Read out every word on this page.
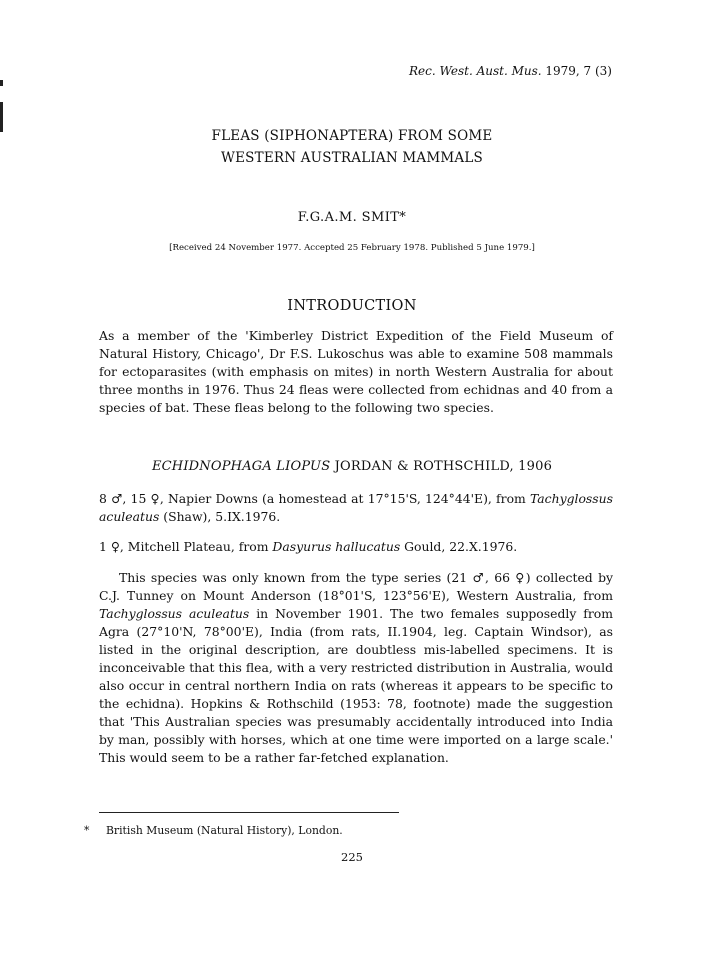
Rec. West. Aust. Mus. 1979, 7 (3)
FLEAS (SIPHONAPTERA) FROM SOME
WESTERN AUSTRALIAN MAMMALS
F.G.A.M. SMIT*
[Received 24 November 1977. Accepted 25 February 1978. Published 5 June 1979.]
INTRODUCTION

As a member of the 'Kimberley District Expedition of the Field Museum of Natural History, Chicago', Dr F.S. Lukoschus was able to examine 508 mammals for ectoparasites (with emphasis on mites) in north Western Australia for about three months in 1976. Thus 24 fleas were collected from echidnas and 40 from a species of bat. These fleas belong to the following two species.

ECHIDNOPHAGA LIOPUS JORDAN & ROTHSCHILD, 1906

8 ♂, 15 ♀, Napier Downs (a homestead at 17°15'S, 124°44'E), from Tachyglossus aculeatus (Shaw), 5.IX.1976.

1 ♀, Mitchell Plateau, from Dasyurus hallucatus Gould, 22.X.1976.

This species was only known from the type series (21 ♂, 66 ♀) collected by C.J. Tunney on Mount Anderson (18°01'S, 123°56'E), Western Australia, from Tachyglossus aculeatus in November 1901. The two females supposedly from Agra (27°10'N, 78°00'E), India (from rats, II.1904, leg. Captain Windsor), as listed in the original description, are doubtless mis-labelled specimens. It is inconceivable that this flea, with a very restricted distribution in Australia, would also occur in central northern India on rats (whereas it appears to be specific to the echidna). Hopkins & Rothschild (1953: 78, footnote) made the suggestion that 'This Australian species was presumably accidentally introduced into India by man, possibly with horses, which at one time were imported on a large scale.' This would seem to be a rather far-fetched explanation.

* British Museum (Natural History), London.
225
